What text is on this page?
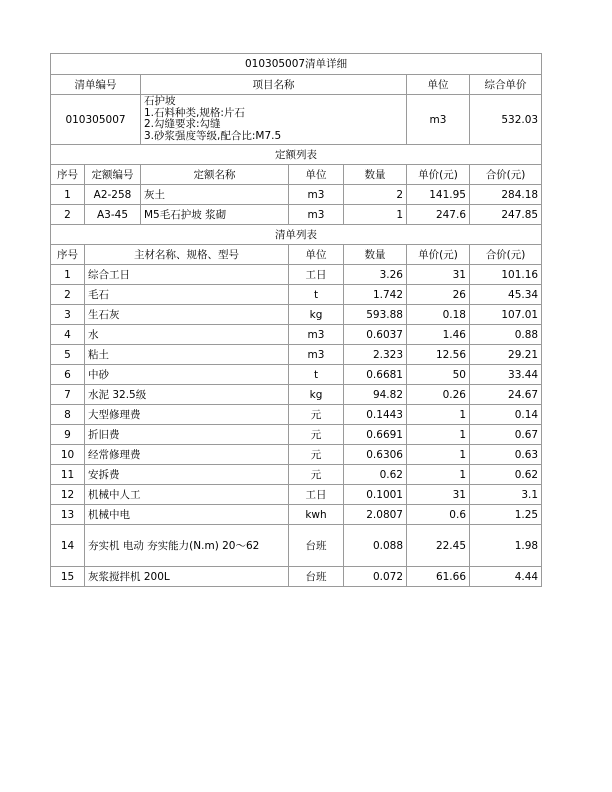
010305007清单详细						
清单编号		项目名称			单位	综合单价
010305007		石护坡
1.石料种类,规格:片石
2.勾缝要求:勾缝
3.砂浆强度等级,配合比:M7.5			m3	532.03
定额列表						
序号	定额编号	定额名称	单位	数量	单价(元)	合价(元)
1	A2-258	灰土	m3	2	141.95	284.18
2	A3-45	M5毛石护坡 浆砌	m3	1	247.6	247.85
清单列表						
序号	主材名称、规格、型号		单位	数量	单价(元)	合价(元)
1	综合工日		工日	3.26	31	101.16
2	毛石		t	1.742	26	45.34
3	生石灰		kg	593.88	0.18	107.01
4	水		m3	0.6037	1.46	0.88
5	粘土		m3	2.323	12.56	29.21
6	中砂		t	0.6681	50	33.44
7	水泥 32.5级		kg	94.82	0.26	24.67
8	大型修理费		元	0.1443	1	0.14
9	折旧费		元	0.6691	1	0.67
10	经常修理费		元	0.6306	1	0.63
11	安拆费		元	0.62	1	0.62
12	机械中人工		工日	0.1001	31	3.1
13	机械中电		kwh	2.0807	0.6	1.25
14	夯实机 电动 夯实能力(N.m) 20～62		台班	0.088	22.45	1.98
15	灰浆搅拌机 200L		台班	0.072	61.66	4.44
